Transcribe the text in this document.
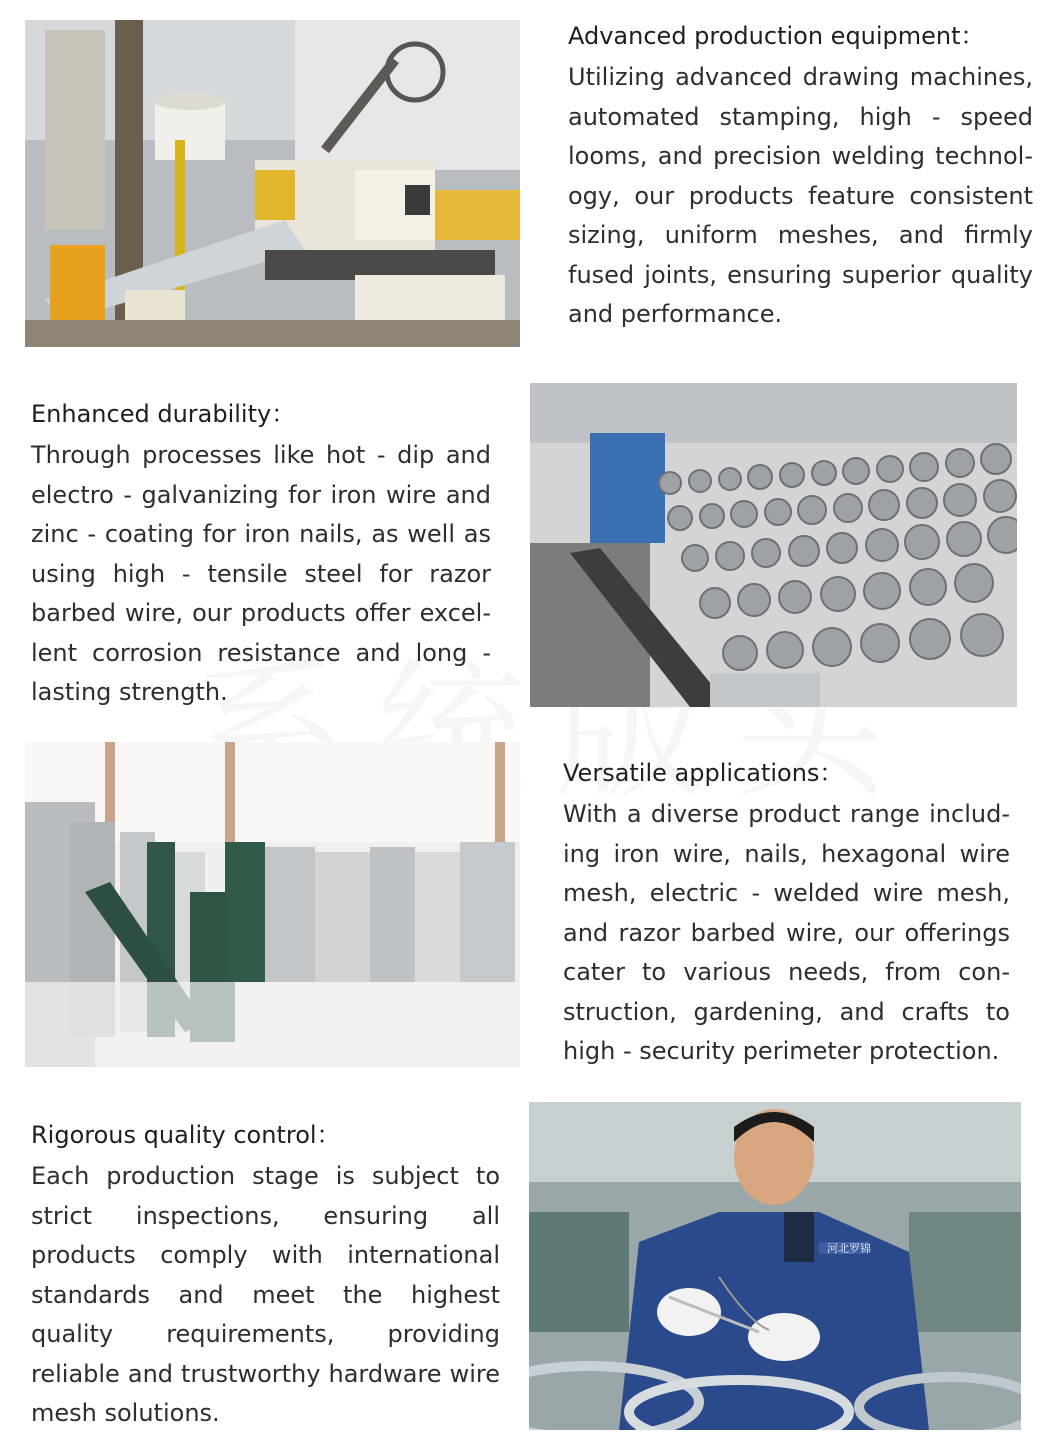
Advanced production equipment：

Utilizing advanced drawing machines, automated stamping, high - speed looms, and precision welding technology, our products feature consistent sizing, uniform meshes, and firmly fused joints, ensuring superior quality and performance.

Enhanced durability：

Through processes like hot - dip and electro - galvanizing for iron wire and zinc - coating for iron nails, as well as using high - tensile steel for razor barbed wire, our products offer excellent corrosion resistance and long - lasting strength.

Versatile applications：

With a diverse product range including iron wire, nails, hexagonal wire mesh, electric - welded wire mesh, and razor barbed wire, our offerings cater to various needs, from construction, gardening, and crafts to high - security perimeter protection.

Rigorous quality control：

Each production stage is subject to strict inspections, ensuring all products comply with international standards and meet the highest quality requirements, providing reliable and trustworthy hardware wire mesh solutions.

河北罗锦
